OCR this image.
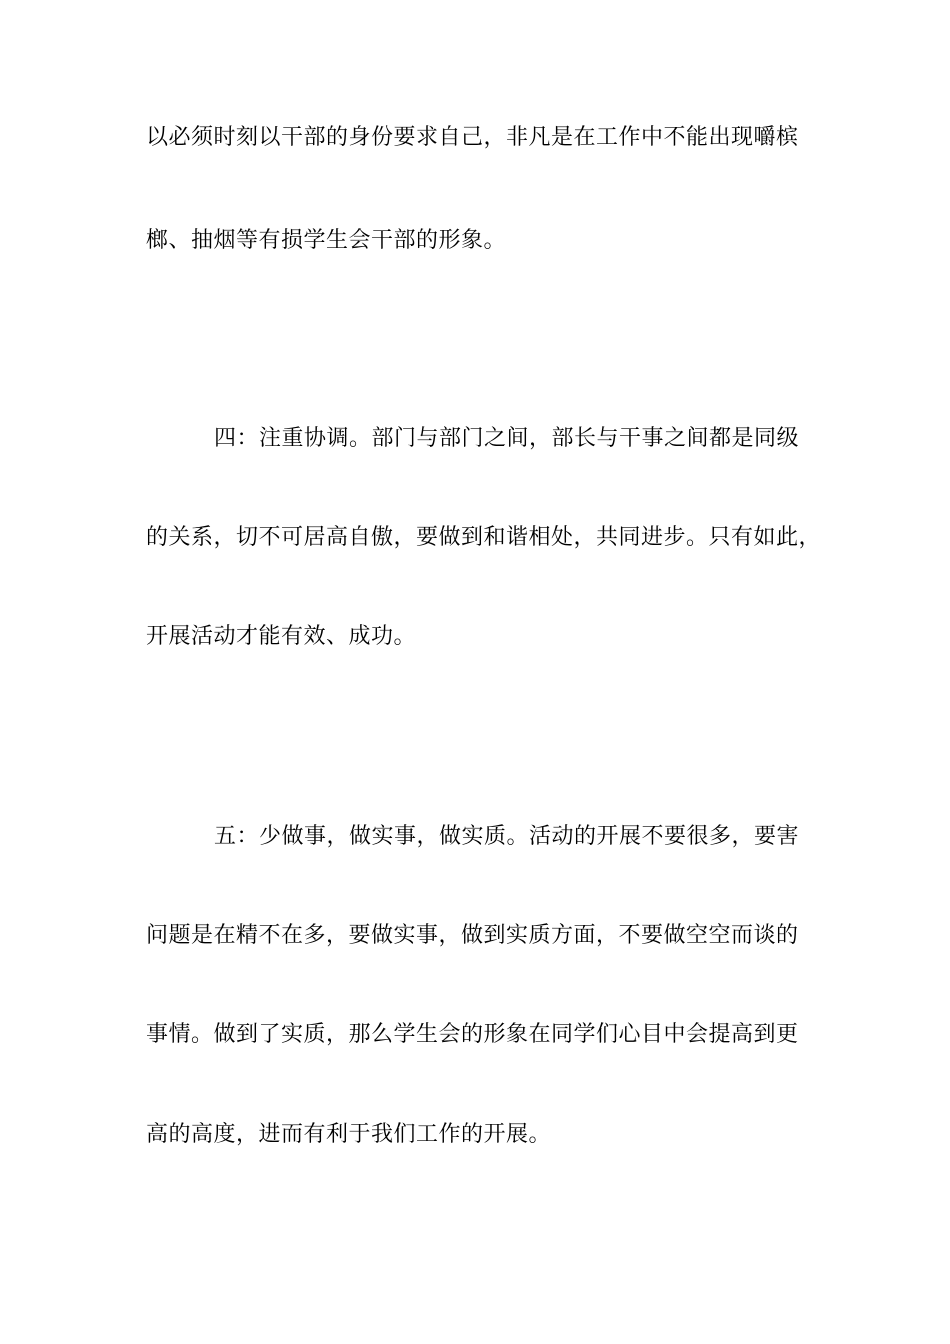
以必须时刻以干部的身份要求自己，非凡是在工作中不能出现嚼槟
榔、抽烟等有损学生会干部的形象。
四：注重协调。部门与部门之间，部长与干事之间都是同级
的关系，切不可居高自傲，要做到和谐相处，共同进步。只有如此，
开展活动才能有效、成功。
五：少做事，做实事，做实质。活动的开展不要很多，要害
问题是在精不在多，要做实事，做到实质方面，不要做空空而谈的
事情。做到了实质，那么学生会的形象在同学们心目中会提高到更
高的高度，进而有利于我们工作的开展。
